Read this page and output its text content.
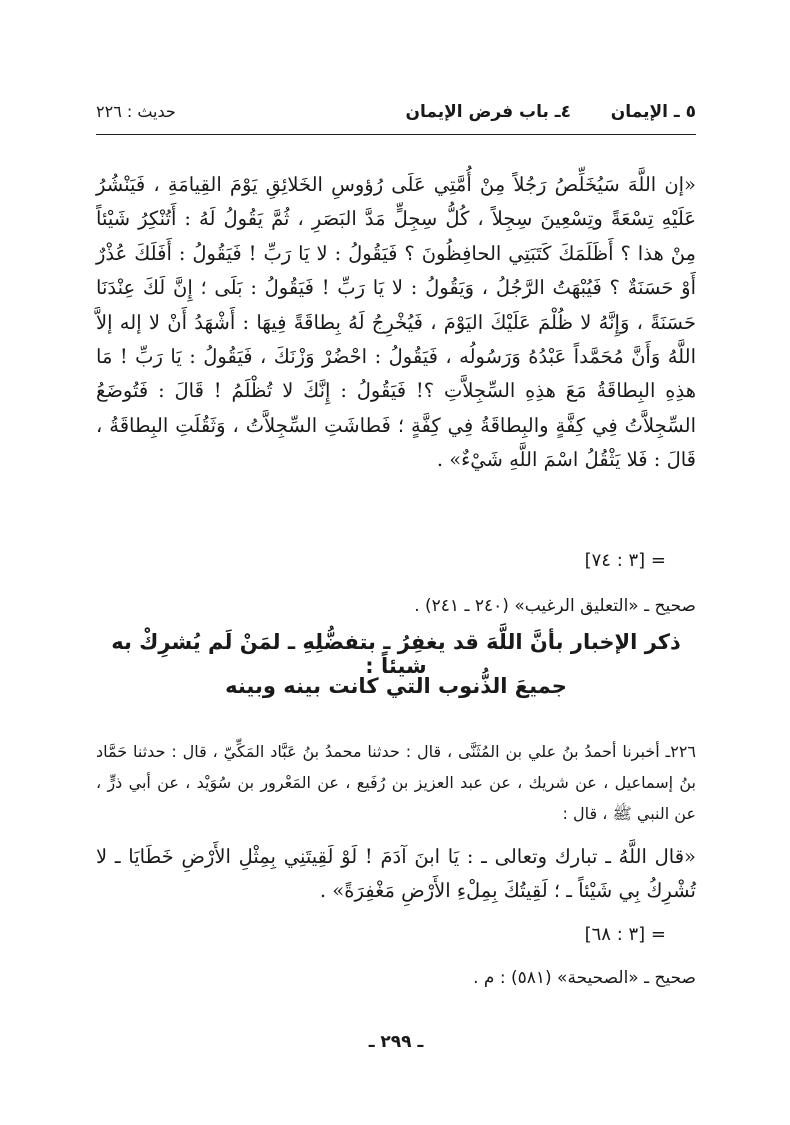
٥ ـ الإيمان
٤ـ باب فرض الإيمان
حديث : ٢٢٦
«إن اللَّهَ سَيُخَلِّصُ رَجُلاً مِنْ أُمَّتِي عَلَى رُؤوسِ الخَلائِقِ يَوْمَ القِيامَةِ ، فَيَنْشُرُ عَلَيْهِ تِسْعَةً وتِسْعِينَ سِجِلاً ، كُلُّ سِجِلٍّ مَدَّ البَصَرِ ، ثُمَّ يَقُولُ لَهُ : أَتُنْكِرُ شَيْئاً مِنْ هذا ؟ أَظَلَمَكَ كَتَبَتِي الحافِظُونَ ؟ فَيَقُولُ : لا يَا رَبِّ ! فَيَقُولُ : أَفَلَكَ عُذْرٌ أَوْ حَسَنَةٌ ؟ فَيُبْهَتُ الرَّجُلُ ، وَيَقُولُ : لا يَا رَبِّ ! فَيَقُولُ : بَلَى ؛ إِنَّ لَكَ عِنْدَنَا حَسَنَةً ، وَإِنَّهُ لا ظُلْمَ عَلَيْكَ اليَوْمَ ، فَيُخْرِجُ لَهُ بِطاقَةً فِيهَا : أَشْهَدُ أَنْ لا إله إلاَّ اللَّهُ وَأَنَّ مُحَمَّداً عَبْدُهُ وَرَسُولُه ، فَيَقُولُ : احْضُرْ وَزْنَكَ ، فَيَقُولُ : يَا رَبِّ ! مَا هذِهِ البِطاقَةُ مَعَ هذِهِ السِّجِلاَّتِ ؟! فَيَقُولُ : إِنَّكَ لا تُظْلَمُ ! قَالَ : فَتُوضَعُ السِّجِلاَّتُ فِي كِفَّةٍ والبِطاقَةُ فِي كِفَّةٍ ؛ فَطاشَتِ السِّجِلاَّتُ ، وَثَقُلَتِ البِطاقَةُ ، قَالَ : فَلا يَثْقُلُ اسْمَ اللَّهِ شَيْءٌ» .
= [٣ : ٧٤]
صحيح ـ «التعليق الرغيب» (٢٤٠ ـ ٢٤١) .
ذكر الإخبار بأنَّ اللَّهَ قد يغفِرُ ـ بتفضُّلِهِ ـ لمَنْ لَم يُشرِكْ به شيئاً :
جميعَ الذُّنوب التي كانت بينه وبينه
٢٢٦ـ أخبرنا أحمدُ بنُ علي بن المُثَنَّى ، قال : حدثنا محمدُ بنُ عَبَّاد المَكِّيّ ، قال : حدثنا حَمَّاد بنُ إسماعيل ، عن شريك ، عن عبد العزيز بن رُفَيع ، عن المَعْرور بن سُوَيْد ، عن أبي ذرٍّ ، عن النبي ﷺ ، قال :
«قال اللَّهُ ـ تبارك وتعالى ـ : يَا ابنَ آدَمَ ! لَوْ لَقِيتَنِي بِمِثْلِ الأَرْضِ خَطَايَا ـ لا تُشْرِكُ بِي شَيْئاً ـ ؛ لَقِيتُكَ بِمِلْءِ الأَرْضِ مَغْفِرَةً» .
= [٣ : ٦٨]
صحيح ـ «الصحيحة» (٥٨١) : م .
ـ ٢٩٩ ـ
